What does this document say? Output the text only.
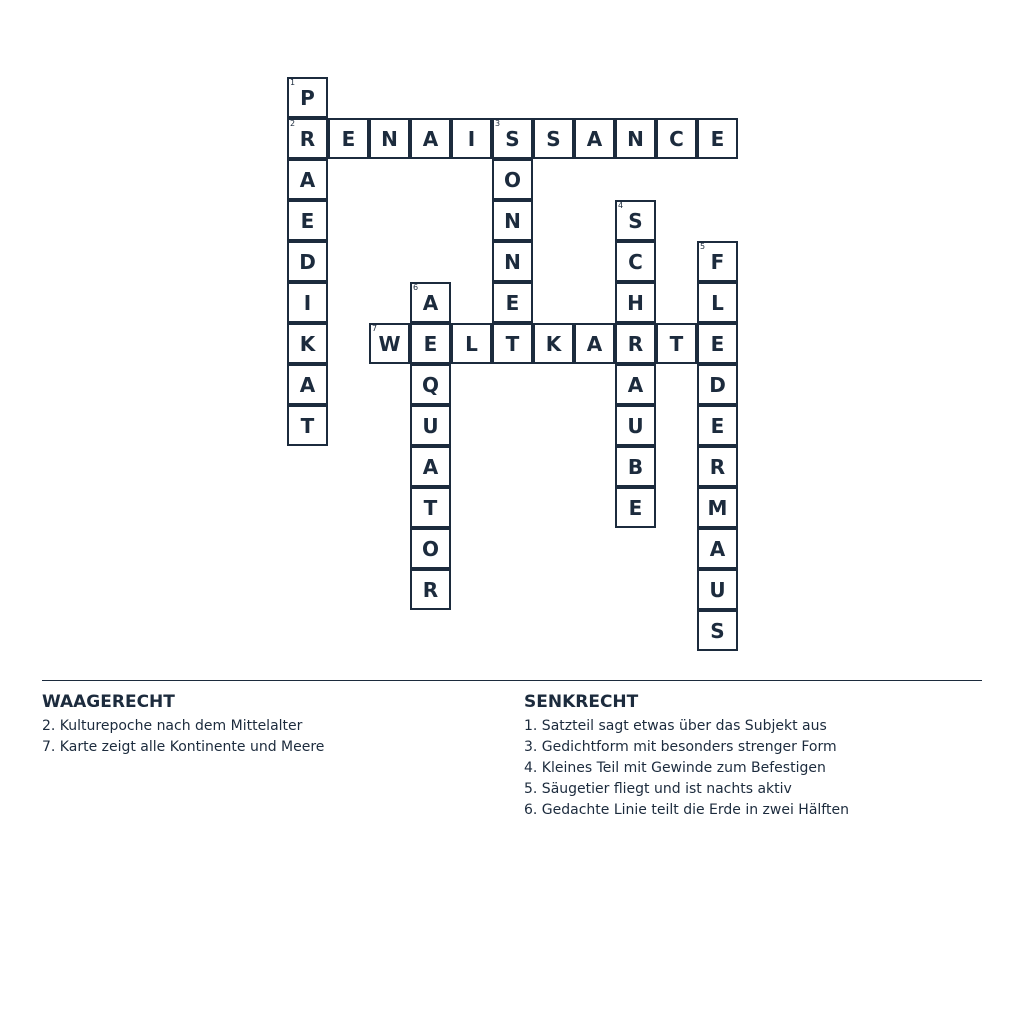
1
P
2
R
A
E
D
I
K
A
T
E	N	A	I
3
S	S	A	N	C	E
O
N
N
E
T
4
S
C
H
R
A
U
B
E
5
F
L
E
D
E
R
M
A
U
S
6
A
E
Q
U
A
T
O
R
7
W	L	K	A	T
WAAGERECHT
2. Kulturepoche nach dem Mittelalter
7. Karte zeigt alle Kontinente und Meere
SENKRECHT
1. Satzteil sagt etwas über das Subjekt aus
3. Gedichtform mit besonders strenger Form
4. Kleines Teil mit Gewinde zum Befestigen
5. Säugetier fliegt und ist nachts aktiv
6. Gedachte Linie teilt die Erde in zwei Hälften
